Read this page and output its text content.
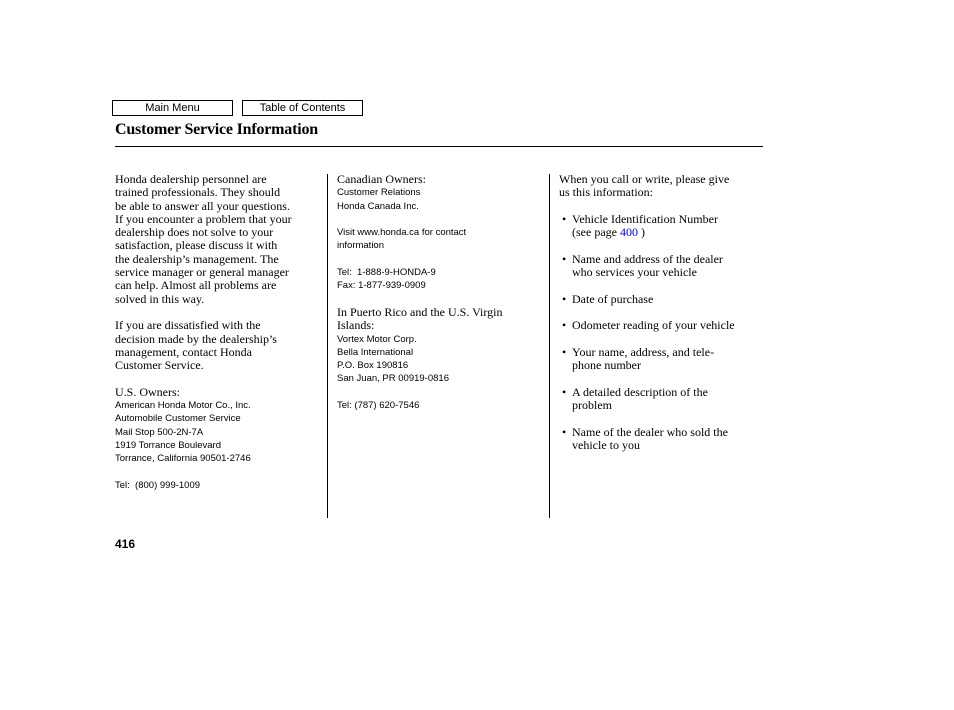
Main Menu	Table of Contents
Customer Service Information

Honda dealership personnel are

trained professionals. They should

be able to answer all your questions.

If you encounter a problem that your

dealership does not solve to your

satisfaction, please discuss it with

the dealership’s management. The

service manager or general manager

can help. Almost all problems are

solved in this way.

If you are dissatisfied with the

decision made by the dealership’s

management, contact Honda

Customer Service.

U.S. Owners:

American Honda Motor Co., Inc.

Automobile Customer Service

Mail Stop 500-2N-7A

1919 Torrance Boulevard

Torrance, California 90501-2746

Tel:  (800) 999-1009

Canadian Owners:

Customer Relations

Honda Canada Inc.

Visit www.honda.ca for contact

information

Tel:  1-888-9-HONDA-9

Fax: 1-877-939-0909

In Puerto Rico and the U.S. Virgin

Islands:

Vortex Motor Corp.

Bella International

P.O. Box 190816

San Juan, PR 00919-0816

Tel: (787) 620-7546

When you call or write, please give

us this information:

• Vehicle Identification Number
(see page 400 )
• Name and address of the dealer
who services your vehicle
• Date of purchase
• Odometer reading of your vehicle
• Your name, address, and tele-
phone number
• A detailed description of the
problem
• Name of the dealer who sold the
vehicle to you
416
